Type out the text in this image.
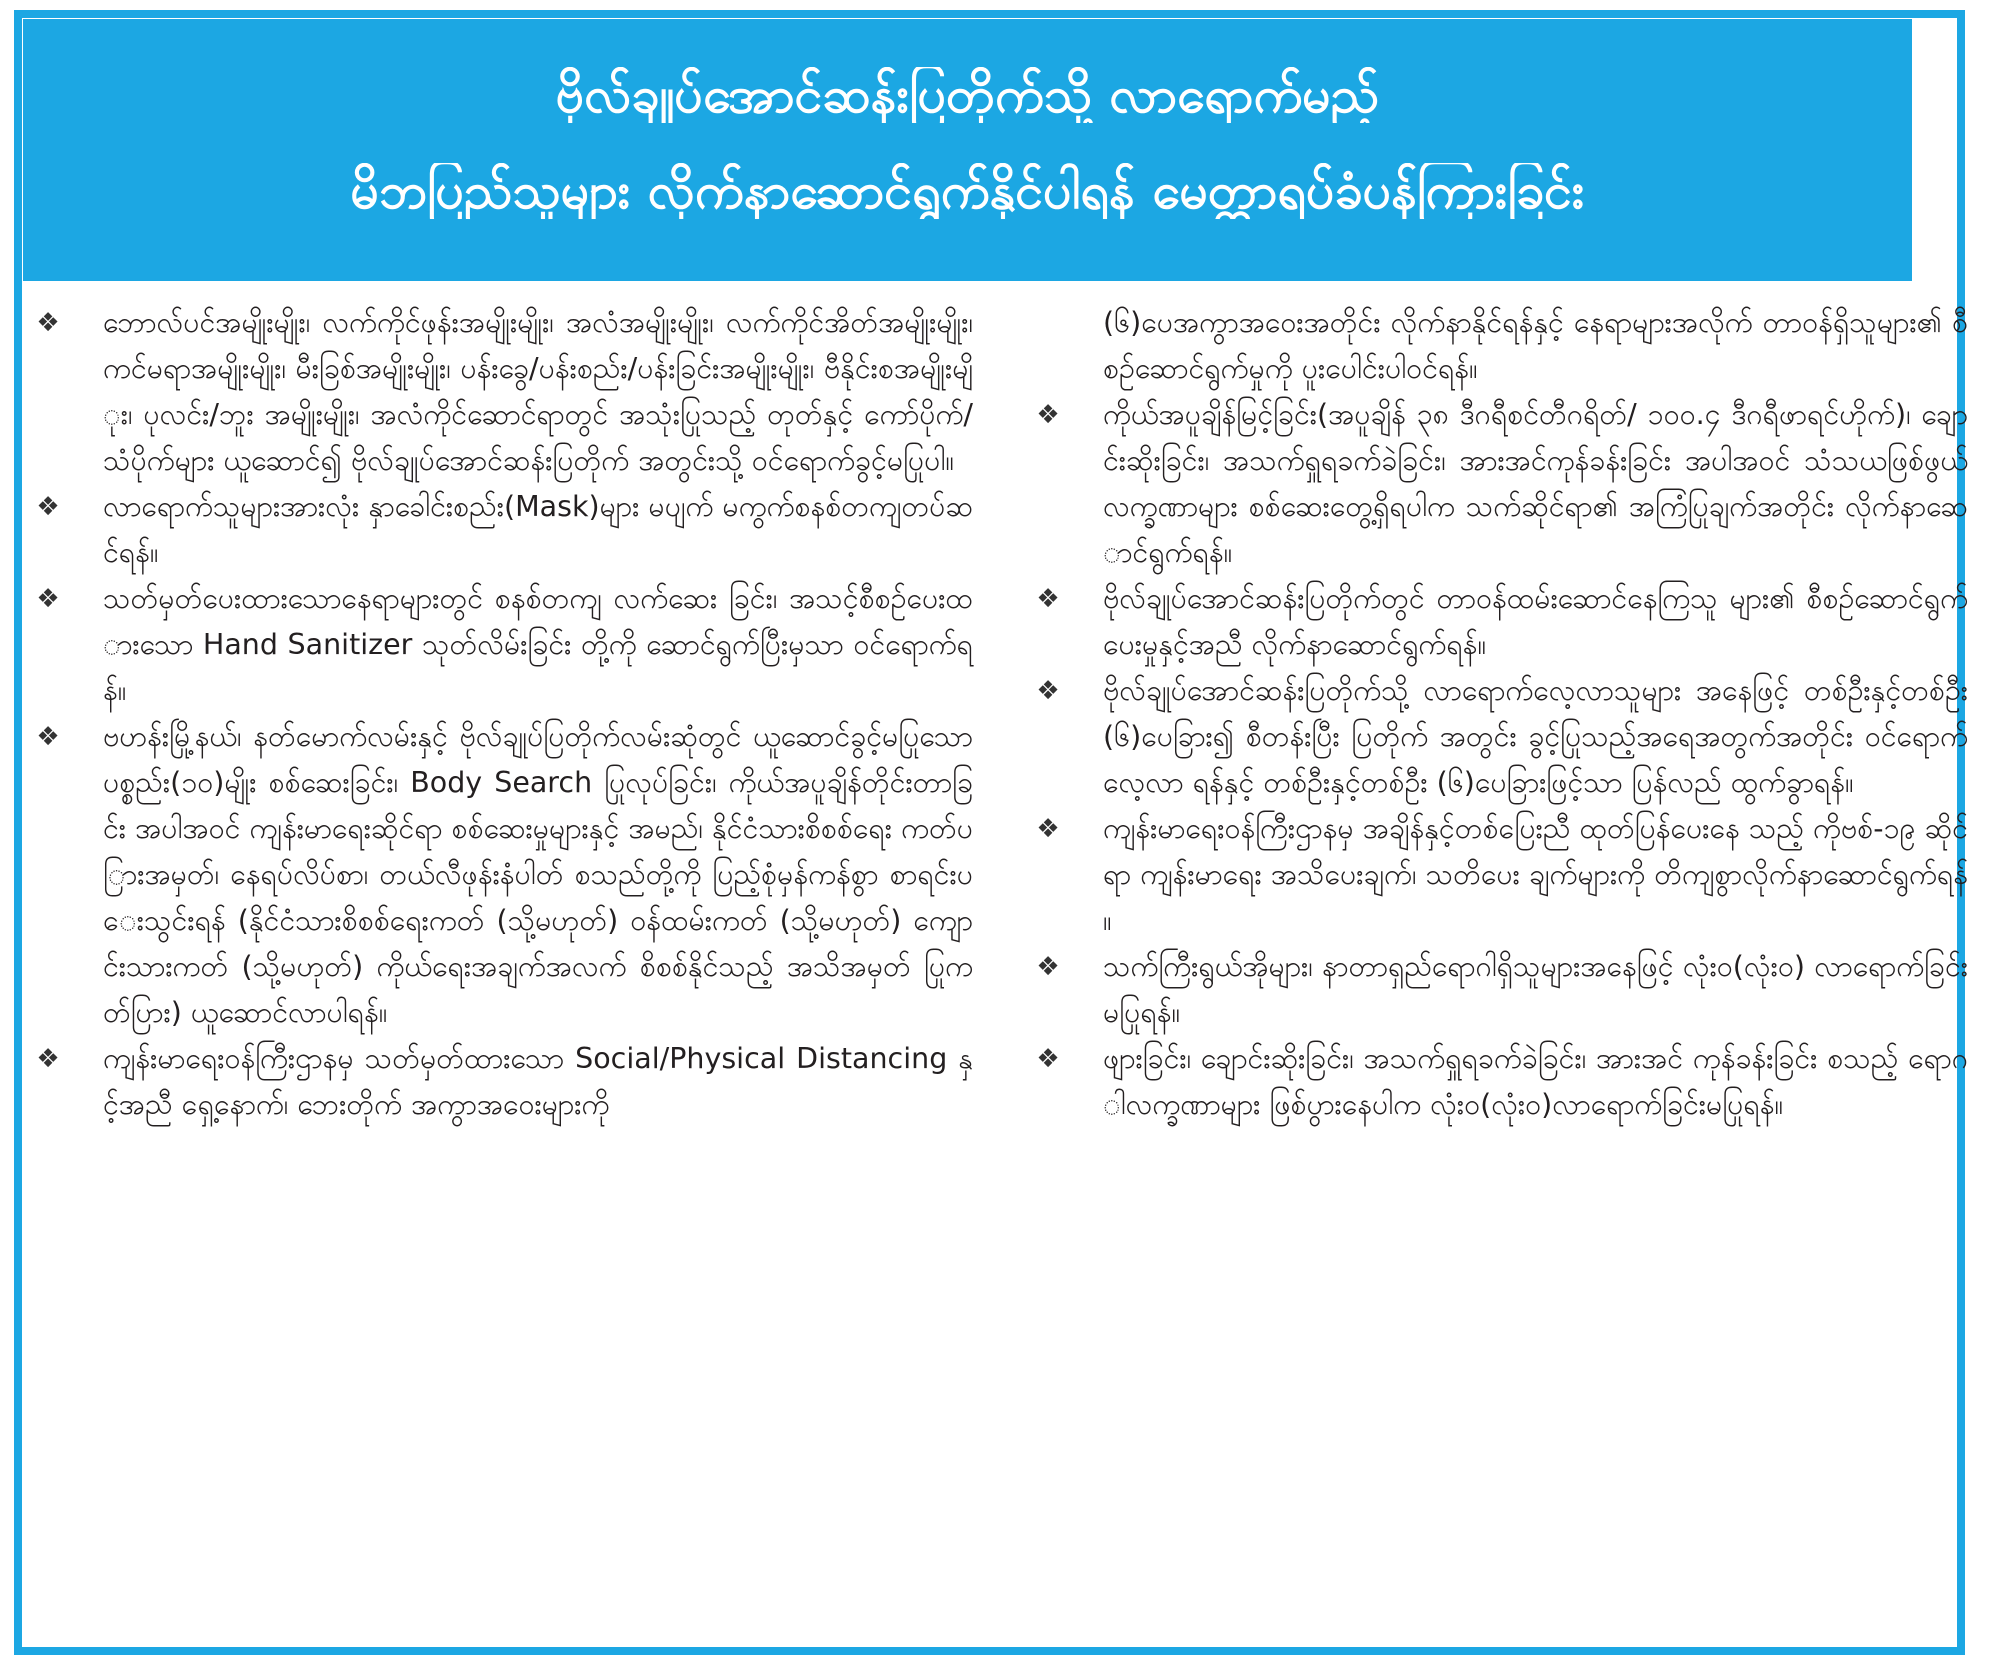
ဗိုလ်ချုပ်အောင်ဆန်းပြတိုက်သို့ လာရောက်မည့်
မိဘပြည်သူများ လိုက်နာဆောင်ရွက်နိုင်ပါရန် မေတ္တာရပ်ခံပန်ကြားခြင်း
❖ ဘောလ်ပင်အမျိုးမျိုး၊ လက်ကိုင်ဖုန်းအမျိုးမျိုး၊ အလံအမျိုးမျိုး၊ လက်ကိုင်အိတ်အမျိုးမျိုး၊ ကင်မရာအမျိုးမျိုး၊ မီးခြစ်အမျိုးမျိုး၊ ပန်းခွေ/ပန်းစည်း/ပန်းခြင်းအမျိုးမျိုး၊ ဗီနိုင်းစအမျိုးမျိုး၊ ပုလင်း/ဘူး အမျိုးမျိုး၊ အလံကိုင်ဆောင်ရာတွင် အသုံးပြုသည့် တုတ်နှင့် ကော်ပိုက်/ သံပိုက်များ ယူဆောင်၍ ဗိုလ်ချုပ်အောင်ဆန်းပြတိုက် အတွင်းသို့ ဝင်ရောက်ခွင့်မပြုပါ။
❖ လာရောက်သူများအားလုံး နှာခေါင်းစည်း(Mask)များ မပျက် မကွက်စနစ်တကျတပ်ဆင်ရန်။
❖ သတ်မှတ်ပေးထားသောနေရာများတွင် စနစ်တကျ လက်ဆေး ခြင်း၊ အသင့်စီစဉ်ပေးထားသော Hand Sanitizer သုတ်လိမ်းခြင်း တို့ကို ဆောင်ရွက်ပြီးမှသာ ဝင်ရောက်ရန်။
❖ ဗဟန်းမြို့နယ်၊ နတ်မောက်လမ်းနှင့် ဗိုလ်ချုပ်ပြတိုက်လမ်းဆုံတွင် ယူဆောင်ခွင့်မပြုသော ပစ္စည်း(၁၀)မျိုး စစ်ဆေးခြင်း၊ Body Search ပြုလုပ်ခြင်း၊ ကိုယ်အပူချိန်တိုင်းတာခြင်း အပါအဝင် ကျန်းမာရေးဆိုင်ရာ စစ်ဆေးမှုများနှင့် အမည်၊ နိုင်ငံသားစိစစ်ရေး ကတ်ပြားအမှတ်၊ နေရပ်လိပ်စာ၊ တယ်လီဖုန်းနံပါတ် စသည်တို့ကို ပြည့်စုံမှန်ကန်စွာ စာရင်းပေးသွင်းရန် (နိုင်ငံသားစိစစ်ရေးကတ် (သို့မဟုတ်) ဝန်ထမ်းကတ် (သို့မဟုတ်) ကျောင်းသားကတ် (သို့မဟုတ်) ကိုယ်ရေးအချက်အလက် စိစစ်နိုင်သည့် အသိအမှတ် ပြုကတ်ပြား) ယူဆောင်လာပါရန်။
❖ ကျန်းမာရေးဝန်ကြီးဌာနမှ သတ်မှတ်ထားသော Social/Physical Distancing နှင့်အညီ ရှေ့နောက်၊ ဘေးတိုက် အကွာအဝေးများကို
(၆)ပေအကွာအဝေးအတိုင်း လိုက်နာနိုင်ရန်နှင့် နေရာများအလိုက် တာဝန်ရှိသူများ၏ စီစဉ်ဆောင်ရွက်မှုကို ပူးပေါင်းပါဝင်ရန်။
❖ ကိုယ်အပူချိန်မြင့်ခြင်း(အပူချိန် ၃၈ ဒီဂရီစင်တီဂရိတ်/ ၁၀၀.၄ ဒီဂရီဖာရင်ဟိုက်)၊ ချောင်းဆိုးခြင်း၊ အသက်ရှူရခက်ခဲခြင်း၊ အားအင်ကုန်ခန်းခြင်း အပါအဝင် သံသယဖြစ်ဖွယ်လက္ခဏာများ စစ်ဆေးတွေ့ရှိရပါက သက်ဆိုင်ရာ၏ အကြံပြုချက်အတိုင်း လိုက်နာဆောင်ရွက်ရန်။
❖ ဗိုလ်ချုပ်အောင်ဆန်းပြတိုက်တွင် တာဝန်ထမ်းဆောင်နေကြသူ များ၏ စီစဉ်ဆောင်ရွက်ပေးမှုနှင့်အညီ လိုက်နာဆောင်ရွက်ရန်။
❖ ဗိုလ်ချုပ်အောင်ဆန်းပြတိုက်သို့ လာရောက်လေ့လာသူများ အနေဖြင့် တစ်ဦးနှင့်တစ်ဦး (၆)ပေခြား၍ စီတန်းပြီး ပြတိုက် အတွင်း ခွင့်ပြုသည့်အရေအတွက်အတိုင်း ဝင်ရောက်လေ့လာ ရန်နှင့် တစ်ဦးနှင့်တစ်ဦး (၆)ပေခြားဖြင့်သာ ပြန်လည် ထွက်ခွာရန်။
❖ ကျန်းမာရေးဝန်ကြီးဌာနမှ အချိန်နှင့်တစ်ပြေးညီ ထုတ်ပြန်ပေးနေ သည့် ကိုဗစ်-၁၉ ဆိုင်ရာ ကျန်းမာရေး အသိပေးချက်၊ သတိပေး ချက်များကို တိကျစွာလိုက်နာဆောင်ရွက်ရန်။
❖ သက်ကြီးရွယ်အိုများ၊ နာတာရှည်ရောဂါရှိသူများအနေဖြင့် လုံးဝ(လုံးဝ) လာရောက်ခြင်း မပြုရန်။
❖ ဖျားခြင်း၊ ချောင်းဆိုးခြင်း၊ အသက်ရှူရခက်ခဲခြင်း၊ အားအင် ကုန်ခန်းခြင်း စသည့် ရောဂါလက္ခဏာများ ဖြစ်ပွားနေပါက လုံးဝ(လုံးဝ)လာရောက်ခြင်းမပြုရန်။
